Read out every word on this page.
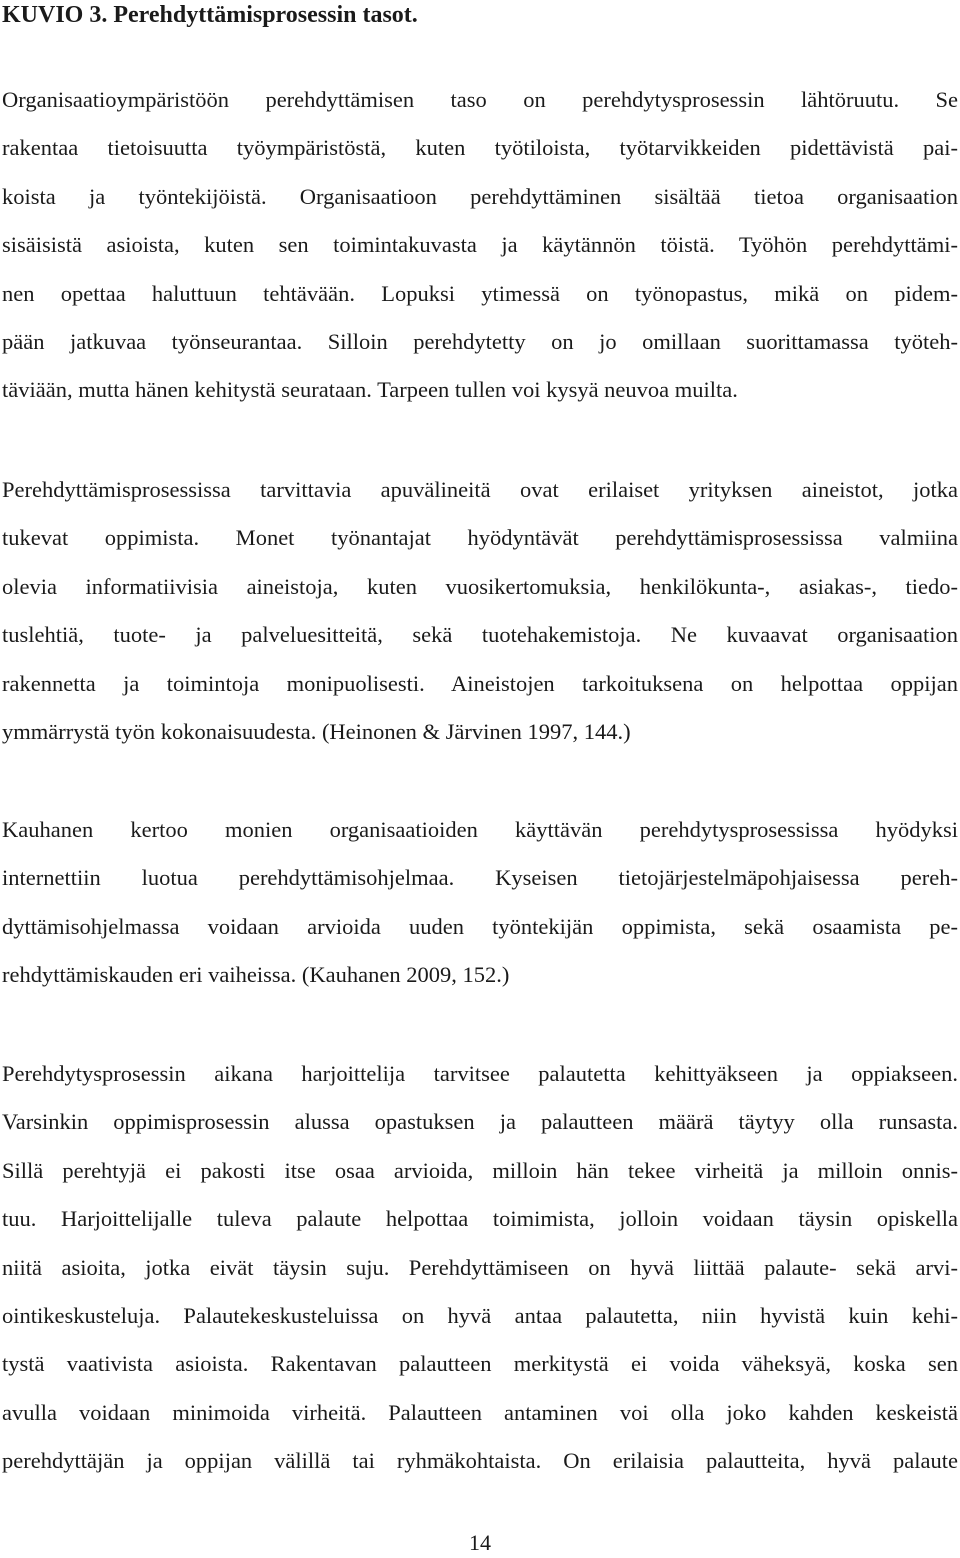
KUVIO 3. Perehdyttämisprosessin tasot.

Organisaatioympäristöön perehdyttämisen taso on perehdytysprosessin lähtöruutu. Se
rakentaa tietoisuutta työympäristöstä, kuten työtiloista, työtarvikkeiden pidettävistä pai-
koista ja työntekijöistä. Organisaatioon perehdyttäminen sisältää tietoa organisaation
sisäisistä asioista, kuten sen toimintakuvasta ja käytännön töistä. Työhön perehdyttämi-
nen opettaa haluttuun tehtävään. Lopuksi ytimessä on työnopastus, mikä on pidem-
pään jatkuvaa työnseurantaa. Silloin perehdytetty on jo omillaan suorittamassa työteh-
täviään, mutta hänen kehitystä seurataan. Tarpeen tullen voi kysyä neuvoa muilta.

Perehdyttämisprosessissa tarvittavia apuvälineitä ovat erilaiset yrityksen aineistot, jotka
tukevat oppimista. Monet työnantajat hyödyntävät perehdyttämisprosessissa valmiina
olevia informatiivisia aineistoja, kuten vuosikertomuksia, henkilökunta-, asiakas-, tiedo-
tuslehtiä, tuote- ja palveluesitteitä, sekä tuotehakemistoja. Ne kuvaavat organisaation
rakennetta ja toimintoja monipuolisesti. Aineistojen tarkoituksena on helpottaa oppijan
ymmärrystä työn kokonaisuudesta. (Heinonen & Järvinen 1997, 144.)

Kauhanen kertoo monien organisaatioiden käyttävän perehdytysprosessissa hyödyksi
internettiin luotua perehdyttämisohjelmaa. Kyseisen tietojärjestelmäpohjaisessa pereh-
dyttämisohjelmassa voidaan arvioida uuden työntekijän oppimista, sekä osaamista pe-
rehdyttämiskauden eri vaiheissa. (Kauhanen 2009, 152.)

Perehdytysprosessin aikana harjoittelija tarvitsee palautetta kehittyäkseen ja oppiakseen.
Varsinkin oppimisprosessin alussa opastuksen ja palautteen määrä täytyy olla runsasta.
Sillä perehtyjä ei pakosti itse osaa arvioida, milloin hän tekee virheitä ja milloin onnis-
tuu. Harjoittelijalle tuleva palaute helpottaa toimimista, jolloin voidaan täysin opiskella
niitä asioita, jotka eivät täysin suju. Perehdyttämiseen on hyvä liittää palaute- sekä arvi-
ointikeskusteluja. Palautekeskusteluissa on hyvä antaa palautetta, niin hyvistä kuin kehi-
tystä vaativista asioista. Rakentavan palautteen merkitystä ei voida väheksyä, koska sen
avulla voidaan minimoida virheitä. Palautteen antaminen voi olla joko kahden keskeistä
perehdyttäjän ja oppijan välillä tai ryhmäkohtaista. On erilaisia palautteita, hyvä palaute

14
